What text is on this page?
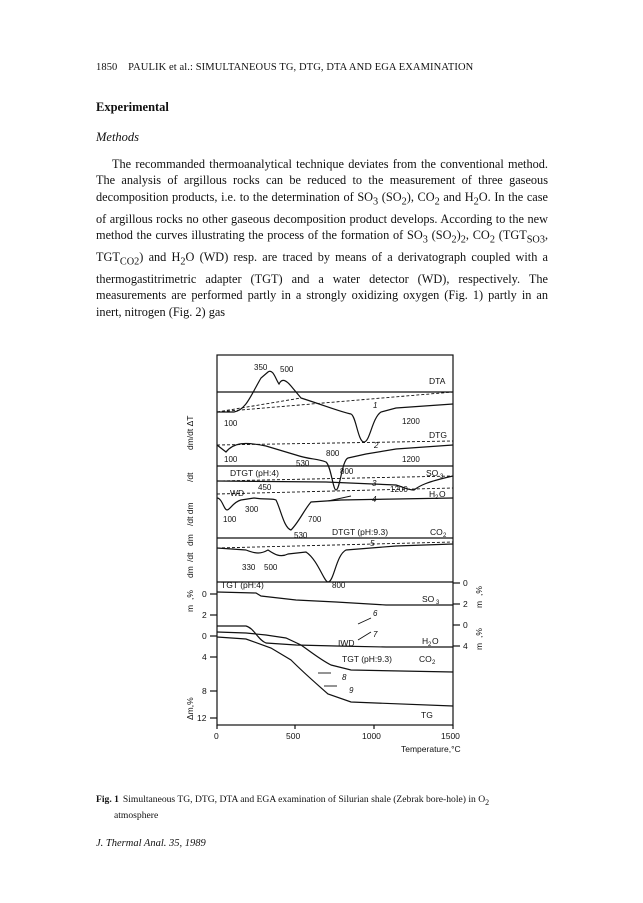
1850 PAULIK et al.: SIMULTANEOUS TG, DTG, DTA AND EGA EXAMINATION
Experimental
Methods

The recommanded thermoanalytical technique deviates from the conventional method. The analysis of argillous rocks can be reduced to the measurement of three gaseous decomposition products, i.e. to the determination of $SO_3$ $(SO_2)$, $CO_2$ and $H_2O$. In the case of argillous rocks no other gaseous decomposition product develops. According to the new method the curves illustrating the process of the formation of $SO_3$ $(SO_2)_2$, $CO_2$ ($TGT_{SO3}$, $TGT_{CO2}$) and $H_2O$ (WD) resp. are traced by means of a derivatograph coupled with a thermogastitrimetric adapter (TGT) and a water detector (WD), respectively. The measurements are performed partly in a strongly oxidizing oxygen (Fig. 1) partly in an inert, nitrogen (Fig. 2) gas

DTA
DTG
DTGT (pH:4)	SO 3
WD	H 2 O
DTGT (pH:9.3)	CO 2
TGT (pH:4)
SO 3
IWD	H 2 O
TGT (pH:9.3)	CO 2
TG
350 500
100	1200
100	530
800
1200
800
450	1200
300
100	700
530
330 500
800
1
2
3
4
5
6
7
8
9
dm/dt ΔT
dm
/dt dm
/dt
dm
/dt
m
,%
Δm,%
m
,%
m
,%
0
2
0
4
8
12
0
2
0
4
0	500	1000	1500
Temperature,°C
Fig. 1 Simultaneous TG, DTG, DTA and EGA examination of Silurian shale (Zebrak bore-hole) in $O_2$
atmosphere
J. Thermal Anal. 35, 1989
